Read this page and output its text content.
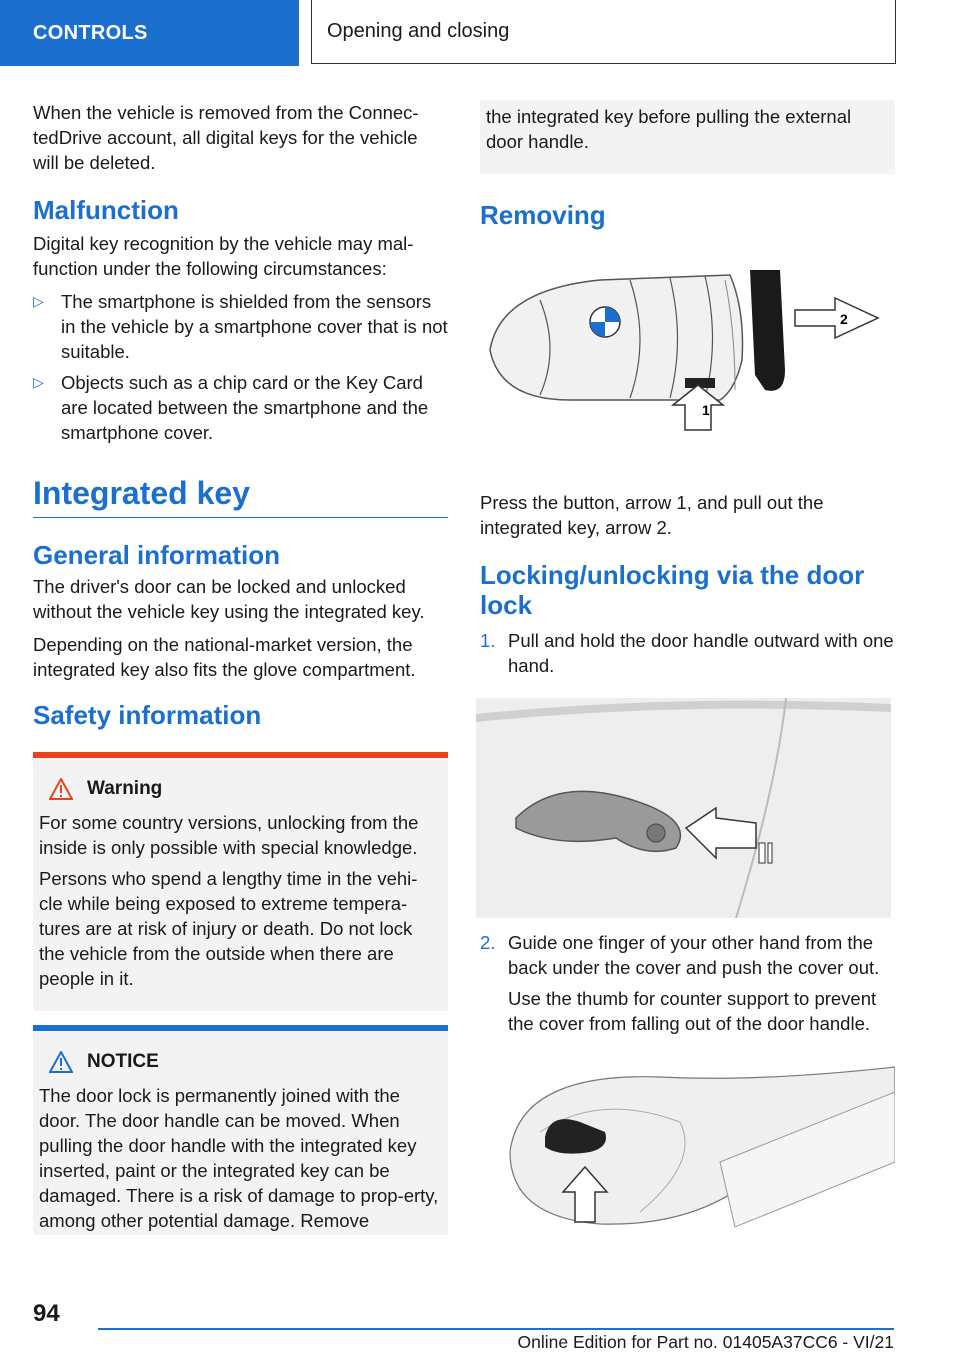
CONTROLS	Opening and closing

When the vehicle is removed from the Connec-tedDrive account, all digital keys for the vehicle will be deleted.

Malfunction

Digital key recognition by the vehicle may mal-function under the following circumstances:

▷ The smartphone is shielded from the sensors in the vehicle by a smartphone cover that is not suitable.
▷ Objects such as a chip card or the Key Card are located between the smartphone and the smartphone cover.
Integrated key
General information

The driver's door can be locked and unlocked without the vehicle key using the integrated key.

Depending on the national-market version, the integrated key also fits the glove compartment.

Safety information
Warning

For some country versions, unlocking from the inside is only possible with special knowledge.

Persons who spend a lengthy time in the vehi-cle while being exposed to extreme tempera-tures are at risk of injury or death. Do not lock the vehicle from the outside when there are people in it.

NOTICE

The door lock is permanently joined with the door. The door handle can be moved. When pulling the door handle with the integrated key inserted, paint or the integrated key can be damaged. There is a risk of damage to prop-erty, among other potential damage. Remove

the integrated key before pulling the external door handle.

Removing
2
1

Press the button, arrow 1, and pull out the integrated key, arrow 2.

Locking/unlocking via the door lock
1. Pull and hold the door handle outward with one hand.
2. Guide one finger of your other hand from the back under the cover and push the cover out.

Use the thumb for counter support to prevent the cover from falling out of the door handle.

94
Online Edition for Part no. 01405A37CC6 - VI/21
